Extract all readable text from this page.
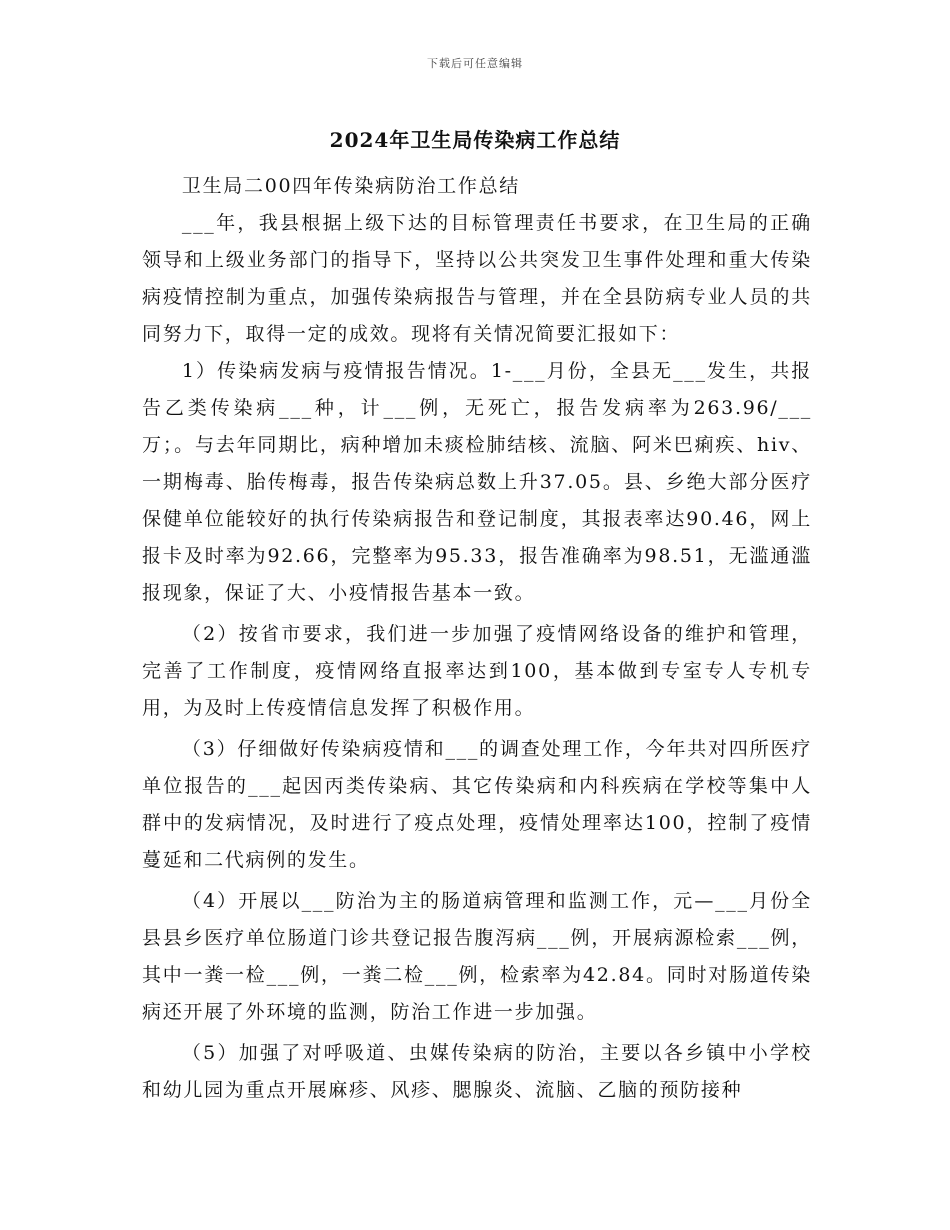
下载后可任意编辑
2024年卫生局传染病工作总结

卫生局二00四年传染病防治工作总结

___年，我县根据上级下达的目标管理责任书要求，在卫生局的正确领导和上级业务部门的指导下，坚持以公共突发卫生事件处理和重大传染病疫情控制为重点，加强传染病报告与管理，并在全县防病专业人员的共同努力下，取得一定的成效。现将有关情况简要汇报如下：

1）传染病发病与疫情报告情况。1-___月份，全县无___发生，共报告乙类传染病___种，计___例，无死亡，报告发病率为263.96/___万；。与去年同期比，病种增加未痰检肺结核、流脑、阿米巴痢疾、hiv、一期梅毒、胎传梅毒，报告传染病总数上升37.05。县、乡绝大部分医疗保健单位能较好的执行传染病报告和登记制度，其报表率达90.46，网上报卡及时率为92.66，完整率为95.33，报告准确率为98.51，无滥通滥报现象，保证了大、小疫情报告基本一致。

（2）按省市要求，我们进一步加强了疫情网络设备的维护和管理，完善了工作制度，疫情网络直报率达到100，基本做到专室专人专机专用，为及时上传疫情信息发挥了积极作用。

（3）仔细做好传染病疫情和___的调查处理工作，今年共对四所医疗单位报告的___起因丙类传染病、其它传染病和内科疾病在学校等集中人群中的发病情况，及时进行了疫点处理，疫情处理率达100，控制了疫情蔓延和二代病例的发生。

（4）开展以___防治为主的肠道病管理和监测工作，元—___月份全县县乡医疗单位肠道门诊共登记报告腹泻病___例，开展病源检索___例，其中一粪一检___例，一粪二检___例，检索率为42.84。同时对肠道传染病还开展了外环境的监测，防治工作进一步加强。

（5）加强了对呼吸道、虫媒传染病的防治，主要以各乡镇中小学校和幼儿园为重点开展麻疹、风疹、腮腺炎、流脑、乙脑的预防接种
